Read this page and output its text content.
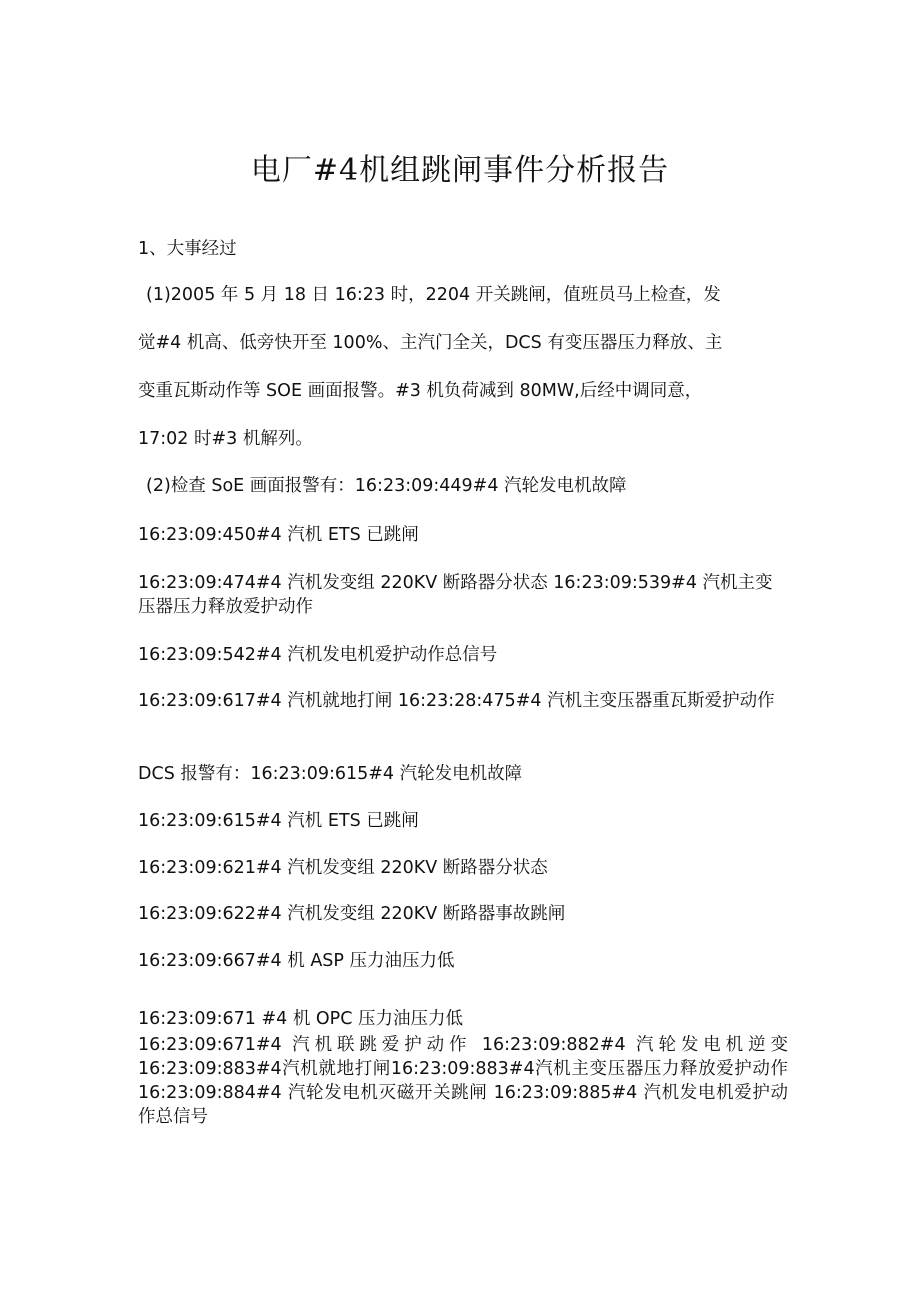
电厂#4机组跳闸事件分析报告
1、大事经过
(1)2005 年 5 月 18 日 16:23 时，2204 开关跳闸，值班员马上检查，发
觉#4 机高、低旁快开至 100%、主汽门全关，DCS 有变压器压力释放、主
变重瓦斯动作等 SOE 画面报警。#3 机负荷减到 80MW,后经中调同意，
17:02 时#3 机解列。
(2)检查 SoE 画面报警有：16:23:09:449#4 汽轮发电机故障
16:23:09:450#4 汽机 ETS 已跳闸
16:23:09:474#4 汽机发变组 220KV 断路器分状态 16:23:09:539#4 汽机主变压器压力释放爱护动作
16:23:09:542#4 汽机发电机爱护动作总信号
16:23:09:617#4 汽机就地打闸 16:23:28:475#4 汽机主变压器重瓦斯爱护动作
DCS 报警有：16:23:09:615#4 汽轮发电机故障
16:23:09:615#4 汽机 ETS 已跳闸
16:23:09:621#4 汽机发变组 220KV 断路器分状态
16:23:09:622#4 汽机发变组 220KV 断路器事故跳闸
16:23:09:667#4 机 ASP 压力油压力低
16:23:09:671 #4 机 OPC 压力油压力低
16:23:09:671#4 汽机联跳爱护动作 16:23:09:882#4 汽轮发电机逆变 16:23:09:883#4汽机就地打闸16:23:09:883#4汽机主变压器压力释放爱护动作 16:23:09:884#4 汽轮发电机灭磁开关跳闸 16:23:09:885#4 汽机发电机爱护动作总信号
